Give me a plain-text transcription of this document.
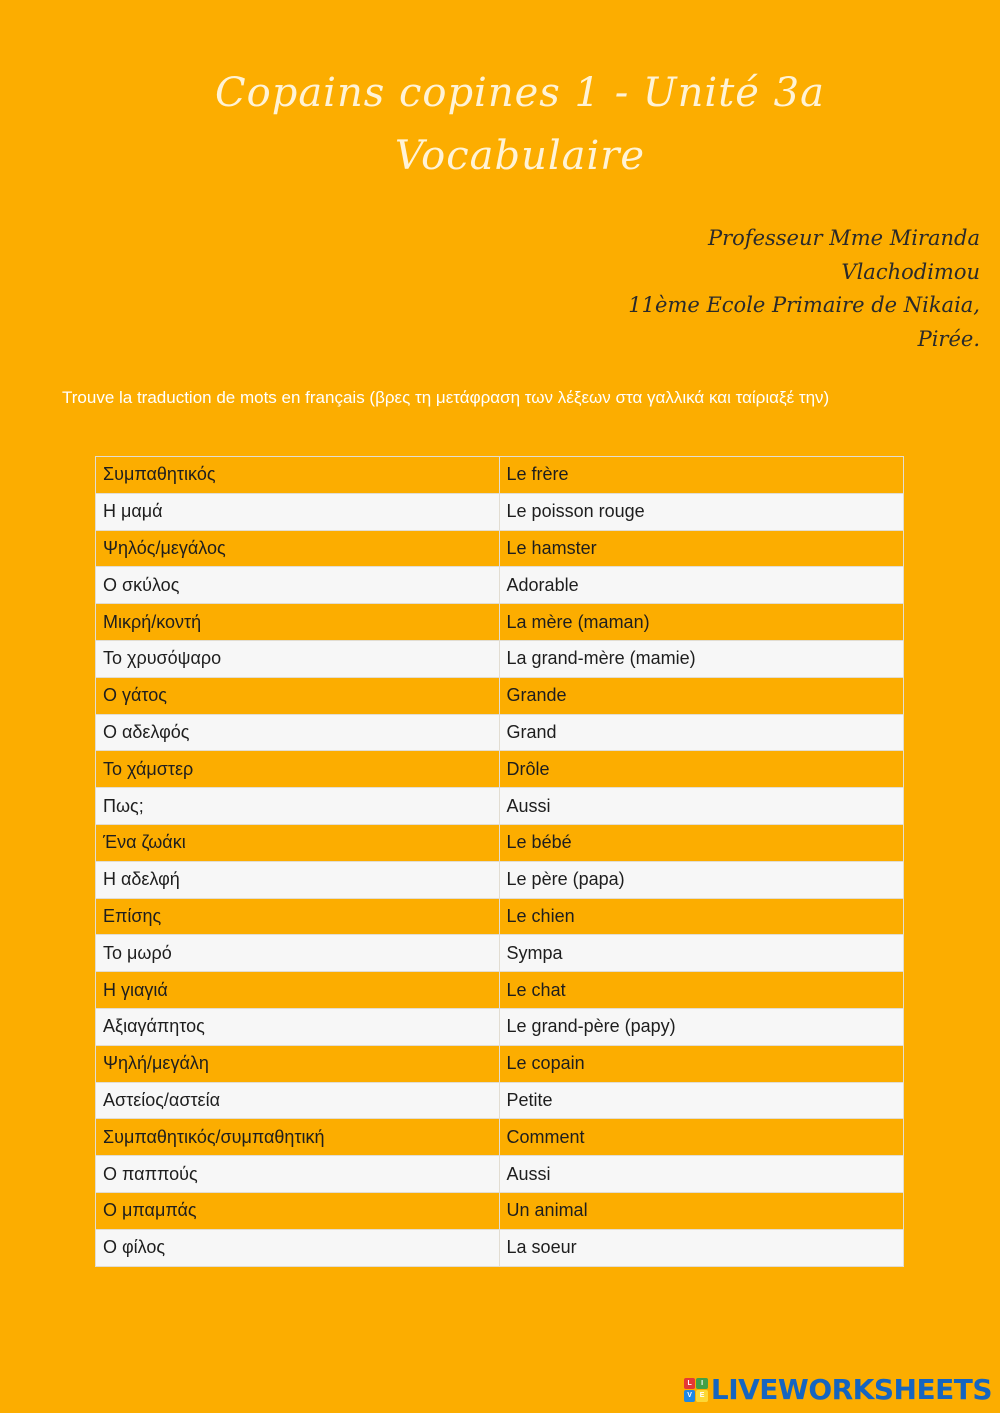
Copains copines 1 - Unité 3a
Vocabulaire
Professeur Mme Miranda
Vlachodimou
11ème Ecole Primaire de Nikaia,
Pirée.
Trouve la traduction de mots en français (βρες τη μετάφραση των λέξεων στα γαλλικά και ταίριαξέ την)
Συμπαθητικός	Le frère
Η μαμά	Le poisson rouge
Ψηλός/μεγάλος	Le hamster
Ο σκύλος	Adorable
Μικρή/κοντή	La mère (maman)
Το χρυσόψαρο	La grand-mère (mamie)
Ο γάτος	Grande
Ο αδελφός	Grand
Το χάμστερ	Drôle
Πως;	Aussi
Ένα ζωάκι	Le bébé
Η αδελφή	Le père (papa)
Επίσης	Le chien
Το μωρό	Sympa
Η γιαγιά	Le chat
Αξιαγάπητος	Le grand-père (papy)
Ψηλή/μεγάλη	Le copain
Αστείος/αστεία	Petite
Συμπαθητικός/συμπαθητική	Comment
Ο παππούς	Aussi
Ο μπαμπάς	Un animal
Ο φίλος	La soeur
L	I
V	E LIVEWORKSHEETS
